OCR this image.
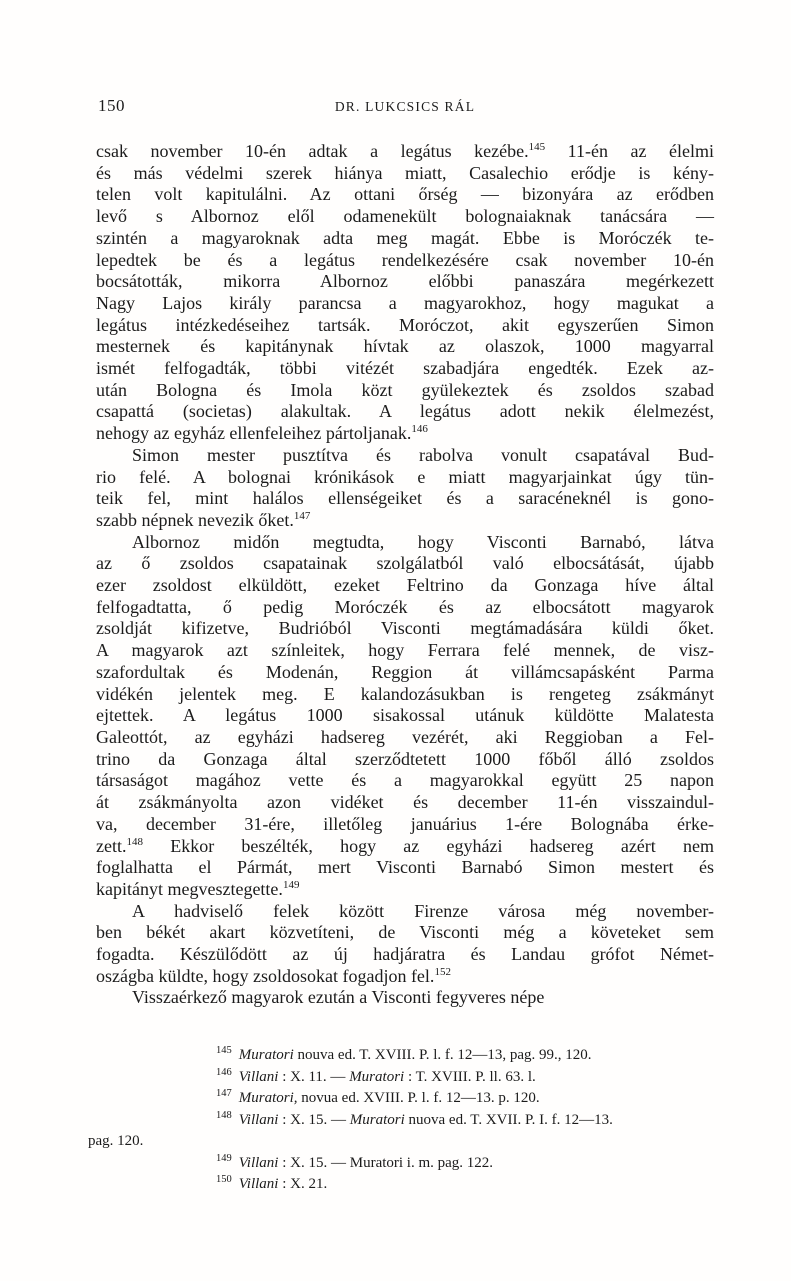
150	DR. LUKCSICS RÁL
csak november 10-én adtak a legátus kezébe.$^{145}$ 11-én az élelmi
és más védelmi szerek hiánya miatt, Casalechio erődje is kény-
telen volt kapitulálni. Az ottani őrség — bizonyára az erődben
levő s Albornoz elől odamenekült bolognaiaknak tanácsára —
szintén a magyaroknak adta meg magát. Ebbe is Moróczék te-
lepedtek be és a legátus rendelkezésére csak november 10-én
bocsátották, mikorra Albornoz előbbi panaszára megérkezett
Nagy Lajos király parancsa a magyarokhoz, hogy magukat a
legátus intézkedéseihez tartsák. Moróczot, akit egyszerűen Simon
mesternek és kapitánynak hívtak az olaszok, 1000 magyarral
ismét felfogadták, többi vitézét szabadjára engedték. Ezek az-
után Bologna és Imola közt gyülekeztek és zsoldos szabad
csapattá (societas) alakultak. A legátus adott nekik élelmezést,
nehogy az egyház ellenfeleihez pártoljanak.$^{146}$
Simon mester pusztítva és rabolva vonult csapatával Bud-
rio felé. A bolognai krónikások e miatt magyarjainkat úgy tün-
teik fel, mint halálos ellenségeiket és a saracéneknél is gono-
szabb népnek nevezik őket.$^{147}$
Albornoz midőn megtudta, hogy Visconti Barnabó, látva
az ő zsoldos csapatainak szolgálatból való elbocsátását, újabb
ezer zsoldost elküldött, ezeket Feltrino da Gonzaga híve által
felfogadtatta, ő pedig Moróczék és az elbocsátott magyarok
zsoldját kifizetve, Budrióból Visconti megtámadására küldi őket.
A magyarok azt színleitek, hogy Ferrara felé mennek, de visz-
szafordultak és Modenán, Reggion át villámcsapásként Parma
vidékén jelentek meg. E kalandozásukban is rengeteg zsákmányt
ejtettek. A legátus 1000 sisakossal utánuk küldötte Malatesta
Galeottót, az egyházi hadsereg vezérét, aki Reggioban a Fel-
trino da Gonzaga által szerződtetett 1000 főből álló zsoldos
társaságot magához vette és a magyarokkal együtt 25 napon
át zsákmányolta azon vidéket és december 11-én visszaindul-
va, december 31-ére, illetőleg januárius 1-ére Bolognába érke-
zett.$^{148}$ Ekkor beszélték, hogy az egyházi hadsereg azért nem
foglalhatta el Pármát, mert Visconti Barnabó Simon mestert és
kapitányt megvesztegette.$^{149}$
A hadviselő felek között Firenze városa még november-
ben békét akart közvetíteni, de Visconti még a követeket sem
fogadta. Készülődött az új hadjáratra és Landau grófot Német-
oszágba küldte, hogy zsoldosokat fogadjon fel.$^{152}$
Visszaérkező magyarok ezután a Visconti fegyveres népe
$^{145}$ Muratori nouva ed. T. XVIII. P. l. f. 12—13, pag. 99., 120.
$^{146}$ Villani : X. 11. — Muratori : T. XVIII. P. ll. 63. l.
$^{147}$ Muratori, novua ed. XVIII. P. l. f. 12—13. p. 120.
$^{148}$ Villani : X. 15. — Muratori nuova ed. T. XVII. P. I. f. 12—13.
pag. 120.
$^{149}$ Villani : X. 15. — Muratori i. m. pag. 122.
$^{150}$ Villani : X. 21.
